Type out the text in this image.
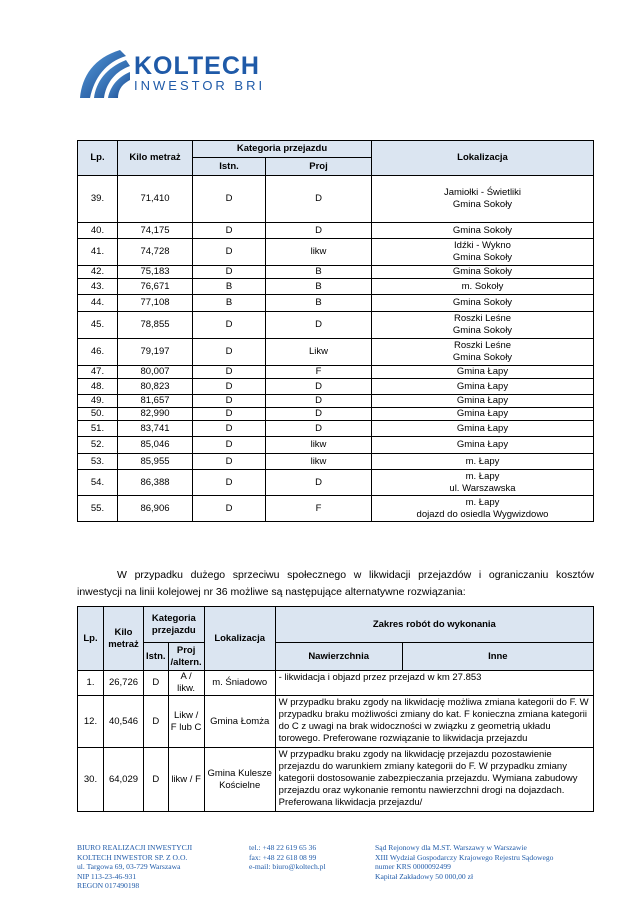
KOLTECH
INWESTOR BRI
Lp.	Kilo metraż	Kategoria przejazdu		Lokalizacja
		Istn.	Proj	
39.	71,410	D	D	Jamiołki - Świetliki
Gmina Sokoły

40.	74,175	D	D	Gmina Sokoły

41.	74,728	D	likw	Idźki - Wykno
Gmina Sokoły

42.	75,183	D	B	Gmina Sokoły

43.	76,671	B	B	m. Sokoły

44.	77,108	B	B	Gmina Sokoły

45.	78,855	D	D	Roszki Leśne
Gmina Sokoły

46.	79,197	D	Likw	Roszki Leśne
Gmina Sokoły

47.	80,007	D	F	Gmina Łapy

48.	80,823	D	D	Gmina Łapy

49.	81,657	D	D	Gmina Łapy

50.	82,990	D	D	Gmina Łapy

51.	83,741	D	D	Gmina Łapy

52.	85,046	D	likw	Gmina Łapy

53.	85,955	D	likw	m. Łapy

54.	86,388	D	D	m. Łapy
ul. Warszawska

55.	86,906	D	F	m. Łapy
dojazd do osiedla Wygwizdowo

W przypadku dużego sprzeciwu społecznego w likwidacji przejazdów i ograniczaniu kosztów inwestycji na linii kolejowej nr 36 możliwe są następujące alternatywne rozwiązania:

Lp.	Kilo metraż	Kategoria przejazdu		Lokalizacja	Zakres robót do wykonania	
		Istn.	Proj /altern.		Nawierzchnia	Inne
1.	26,726	D	A / likw.	m. Śniadowo	- likwidacja i objazd przez przejazd w km 27.853	
12.	40,546	D	Likw / F lub C	Gmina Łomża	W przypadku braku zgody na likwidację możliwa zmiana kategorii do F. W przypadku braku możliwości zmiany do kat. F konieczna zmiana kategorii do C z uwagi na brak widoczności w związku z geometrią układu torowego. Preferowane rozwiązanie to likwidacja przejazdu	
30.	64,029	D	likw / F	Gmina Kulesze Kościelne	W przypadku braku zgody na likwidację przejazdu pozostawienie przejazdu do warunkiem zmiany kategorii do F. W przypadku zmiany kategorii dostosowanie zabezpieczania przejazdu. Wymiana zabudowy przejazdu oraz wykonanie remontu nawierzchni drogi na dojazdach. Preferowana likwidacja przejazdu/	
BIURO REALIZACJI INWESTYCJI
KOLTECH INWESTOR SP. Z O.O.
ul. Targowa 69, 03-729 Warszawa
NIP 113-23-46-931
REGON 017490198
tel.: +48 22 619 65 36
fax: +48 22 618 08 99
e-mail: biuro@koltech.pl
Sąd Rejonowy dla M.ST. Warszawy w Warszawie
XIII Wydział Gospodarczy Krajowego Rejestru Sądowego
numer KRS 0000092499
Kapitał Zakładowy 50 000,00 zł
